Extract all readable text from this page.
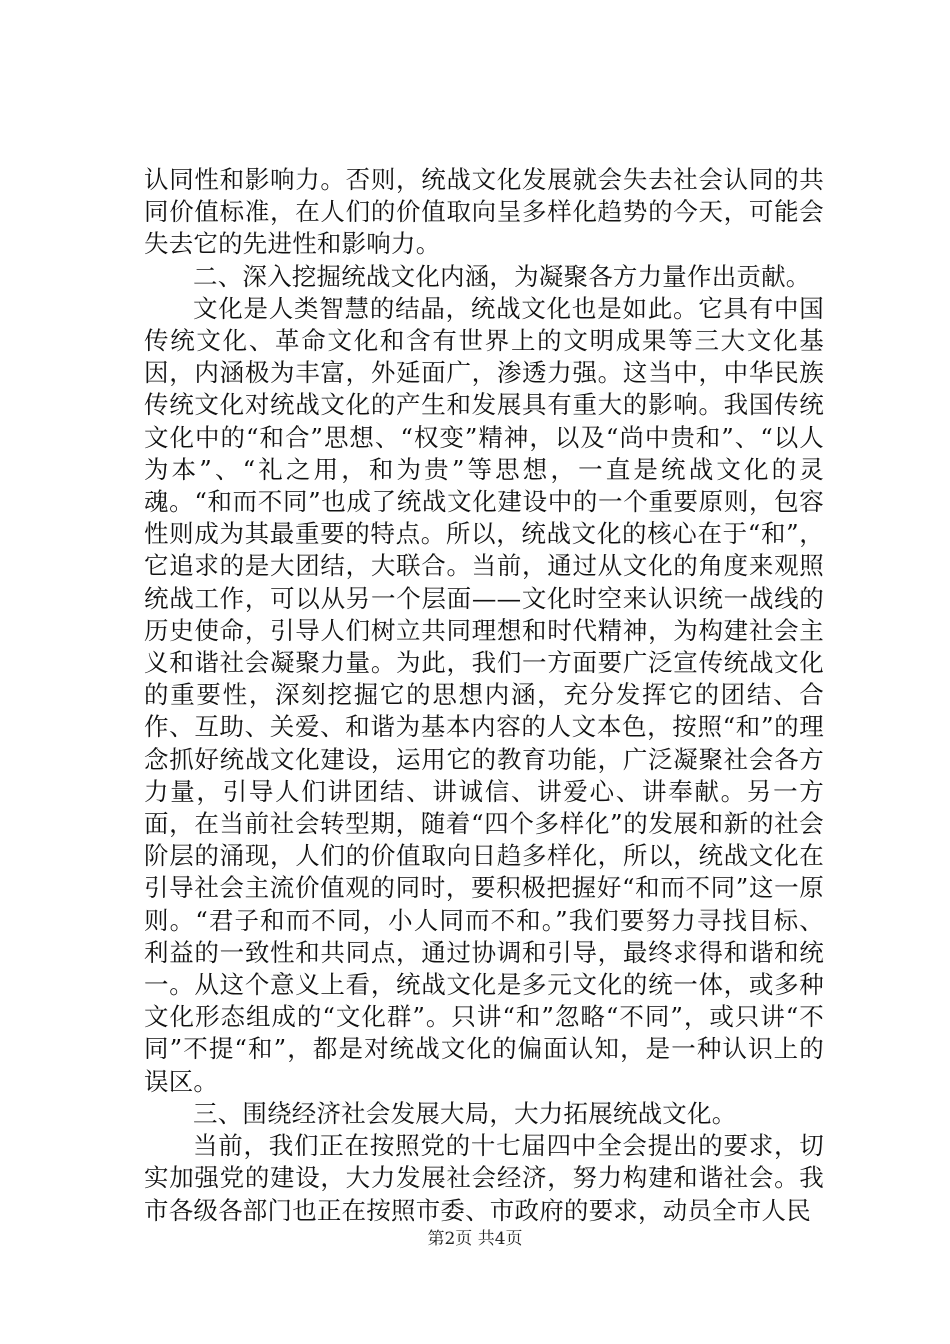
认同性和影响力。否则，统战文化发展就会失去社会认同的共同价值标准，在人们的价值取向呈多样化趋势的今天，可能会失去它的先进性和影响力。

二、深入挖掘统战文化内涵，为凝聚各方力量作出贡献。

文化是人类智慧的结晶，统战文化也是如此。它具有中国传统文化、革命文化和含有世界上的文明成果等三大文化基因，内涵极为丰富，外延面广，渗透力强。这当中，中华民族传统文化对统战文化的产生和发展具有重大的影响。我国传统文化中的“和合”思想、“权变”精神，以及“尚中贵和”、“以人为本”、“礼之用，和为贵”等思想，一直是统战文化的灵魂。“和而不同”也成了统战文化建设中的一个重要原则，包容性则成为其最重要的特点。所以，统战文化的核心在于“和”，它追求的是大团结，大联合。当前，通过从文化的角度来观照统战工作，可以从另一个层面——文化时空来认识统一战线的历史使命，引导人们树立共同理想和时代精神，为构建社会主义和谐社会凝聚力量。为此，我们一方面要广泛宣传统战文化的重要性，深刻挖掘它的思想内涵，充分发挥它的团结、合作、互助、关爱、和谐为基本内容的人文本色，按照“和”的理念抓好统战文化建设，运用它的教育功能，广泛凝聚社会各方力量，引导人们讲团结、讲诚信、讲爱心、讲奉献。另一方面，在当前社会转型期，随着“四个多样化”的发展和新的社会阶层的涌现，人们的价值取向日趋多样化，所以，统战文化在引导社会主流价值观的同时，要积极把握好“和而不同”这一原则。“君子和而不同，小人同而不和。”我们要努力寻找目标、利益的一致性和共同点，通过协调和引导，最终求得和谐和统一。从这个意义上看，统战文化是多元文化的统一体，或多种文化形态组成的“文化群”。只讲“和”忽略“不同”，或只讲“不同”不提“和”，都是对统战文化的偏面认知，是一种认识上的误区。

三、围绕经济社会发展大局，大力拓展统战文化。

当前，我们正在按照党的十七届四中全会提出的要求，切实加强党的建设，大力发展社会经济，努力构建和谐社会。我市各级各部门也正在按照市委、市政府的要求，动员全市人民

第2页 共4页
